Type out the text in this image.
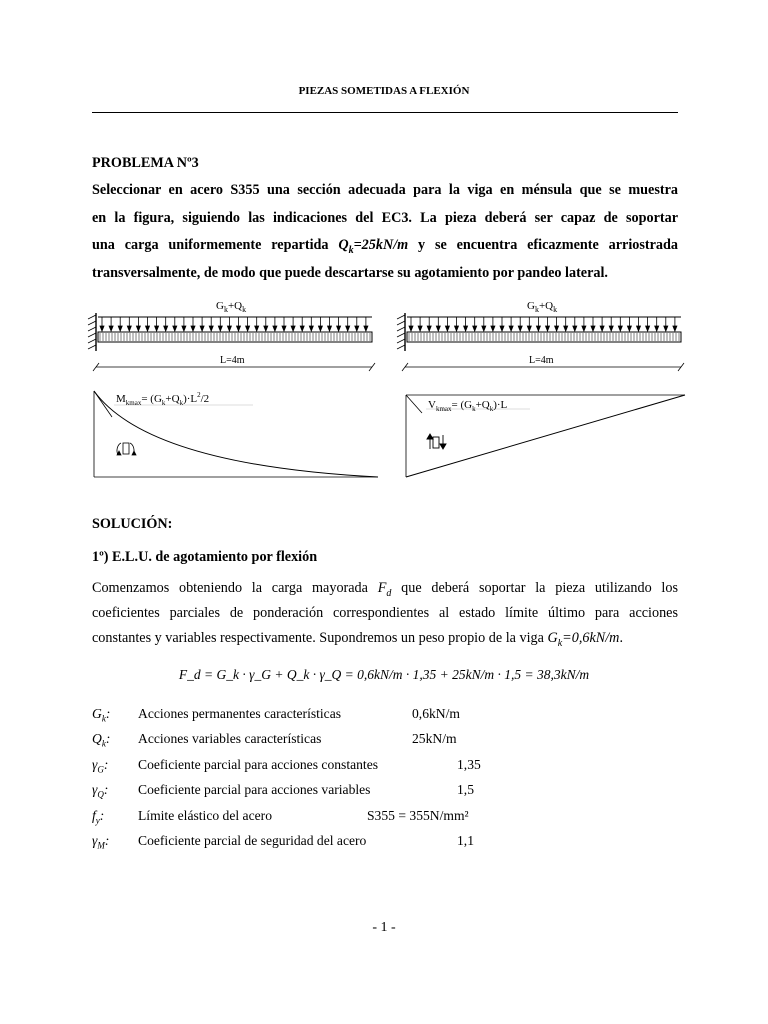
PIEZAS SOMETIDAS A FLEXIÓN
PROBLEMA Nº3
Seleccionar en acero S355 una sección adecuada para la viga en ménsula que se muestra
en la figura, siguiendo las indicaciones del EC3. La pieza deberá ser capaz de soportar
una carga uniformemente repartida $Q_k=25kN/m$ y se encuentra eficazmente arriostrada
transversalmente, de modo que puede descartarse su agotamiento por pandeo lateral.
$G_k+Q_k$
L=4m
$G_k+Q_k$
L=4m
$M_{kmax}= (G_k+Q_k)\cdot L^2/2$	$V_{kmax}= (G_k+Q_k)\cdot L$
SOLUCIÓN:
1º) E.L.U. de agotamiento por flexión
Comenzamos obteniendo la carga mayorada $F_d$ que deberá soportar la pieza utilizando los
coeficientes parciales de ponderación correspondientes al estado límite último para acciones
constantes y variables respectivamente. Supondremos un peso propio de la viga $G_k=0,6kN/m$.
F_d = G_k · γ_G + Q_k · γ_Q = 0,6kN/m · 1,35 + 25kN/m · 1,5 = 38,3kN/m
$G_k$: Acciones permanentes características	0,6kN/m
$Q_k$: Acciones variables características	25kN/m
$\gamma_G$: Coeficiente parcial para acciones constantes	1,35
$\gamma_Q$: Coeficiente parcial para acciones variables	1,5
$f_y$: Límite elástico del acero	S355 = 355N/mm²
$\gamma_M$: Coeficiente parcial de seguridad del acero	1,1
- 1 -
